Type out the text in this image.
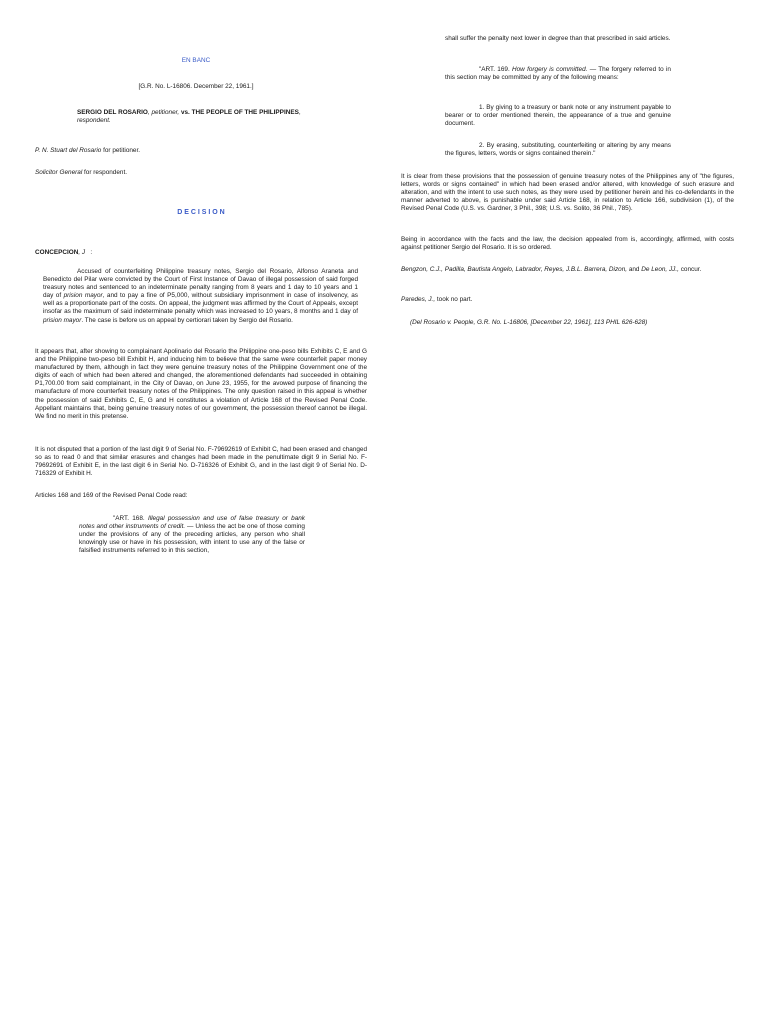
EN BANC
[G.R. No. L-16806. December 22, 1961.]

SERGIO DEL ROSARIO, petitioner, vs. THE PEOPLE OF THE PHILIPPINES,
respondent.

P. N. Stuart del Rosario for petitioner.
Solicitor General for respondent.
D E C I S I O N
CONCEPCION, J :

Accused of counterfeiting Philippine treasury notes, Sergio del Rosario, Alfonso Araneta and Benedicto del Pilar were convicted by the Court of First Instance of Davao of illegal possession of said forged treasury notes and sentenced to an indeterminate penalty ranging from 8 years and 1 day to 10 years and 1 day of prision mayor, and to pay a fine of P5,000, without subsidiary imprisonment in case of insolvency, as well as a proportionate part of the costs. On appeal, the judgment was affirmed by the Court of Appeals, except insofar as the maximum of said indeterminate penalty which was increased to 10 years, 8 months and 1 day of prision mayor. The case is before us on appeal by certiorari taken by Sergio del Rosario.

It appears that, after showing to complainant Apolinario del Rosario the Philippine one-peso bills Exhibits C, E and G and the Philippine two-peso bill Exhibit H, and inducing him to believe that the same were counterfeit paper money manufactured by them, although in fact they were genuine treasury notes of the Philippine Government one of the digits of each of which had been altered and changed, the aforementioned defendants had succeeded in obtaining P1,700.00 from said complainant, in the City of Davao, on June 23, 1955, for the avowed purpose of financing the manufacture of more counterfeit treasury notes of the Philippines. The only question raised in this appeal is whether the possession of said Exhibits C, E, G and H constitutes a violation of Article 168 of the Revised Penal Code. Appellant maintains that, being genuine treasury notes of our government, the possession thereof cannot be illegal. We find no merit in this pretense.

It is not disputed that a portion of the last digit 9 of Serial No. F-79692619 of Exhibit C, had been erased and changed so as to read 0 and that similar erasures and changes had been made in the penultimate digit 9 in Serial No. F-79692691 of Exhibit E, in the last digit 6 in Serial No. D-716326 of Exhibit G, and in the last digit 9 of Serial No. D-716329 of Exhibit H.

Articles 168 and 169 of the Revised Penal Code read:

"ART. 168. Illegal possession and use of false treasury or bank notes and other instruments of credit. — Unless the act be one of those coming under the provisions of any of the preceding articles, any person who shall knowingly use or have in his possession, with intent to use any of the false or falsified instruments referred to in this section,

shall suffer the penalty next lower in degree than that prescribed in said articles.

"ART. 169. How forgery is committed. — The forgery referred to in this section may be committed by any of the following means:

1. By giving to a treasury or bank note or any instrument payable to bearer or to order mentioned therein, the appearance of a true and genuine document.

2. By erasing, substituting, counterfeiting or altering by any means the figures, letters, words or signs contained therein."

It is clear from these provisions that the possession of genuine treasury notes of the Philippines any of "the figures, letters, words or signs contained" in which had been erased and/or altered, with knowledge of such erasure and alteration, and with the intent to use such notes, as they were used by petitioner herein and his co-defendants in the manner adverted to above, is punishable under said Article 168, in relation to Article 166, subdivision (1), of the Revised Penal Code (U.S. vs. Gardner, 3 Phil., 398; U.S. vs. Solito, 36 Phil., 785).

Being in accordance with the facts and the law, the decision appealed from is, accordingly, affirmed, with costs against petitioner Sergio del Rosario. It is so ordered.

Bengzon, C.J., Padilla, Bautista Angelo, Labrador, Reyes, J.B.L. Barrera, Dizon, and De Leon, JJ., concur.

Paredes, J., took no part.
(Del Rosario v. People, G.R. No. L-16806, [December 22, 1961], 113 PHIL 626-628)
